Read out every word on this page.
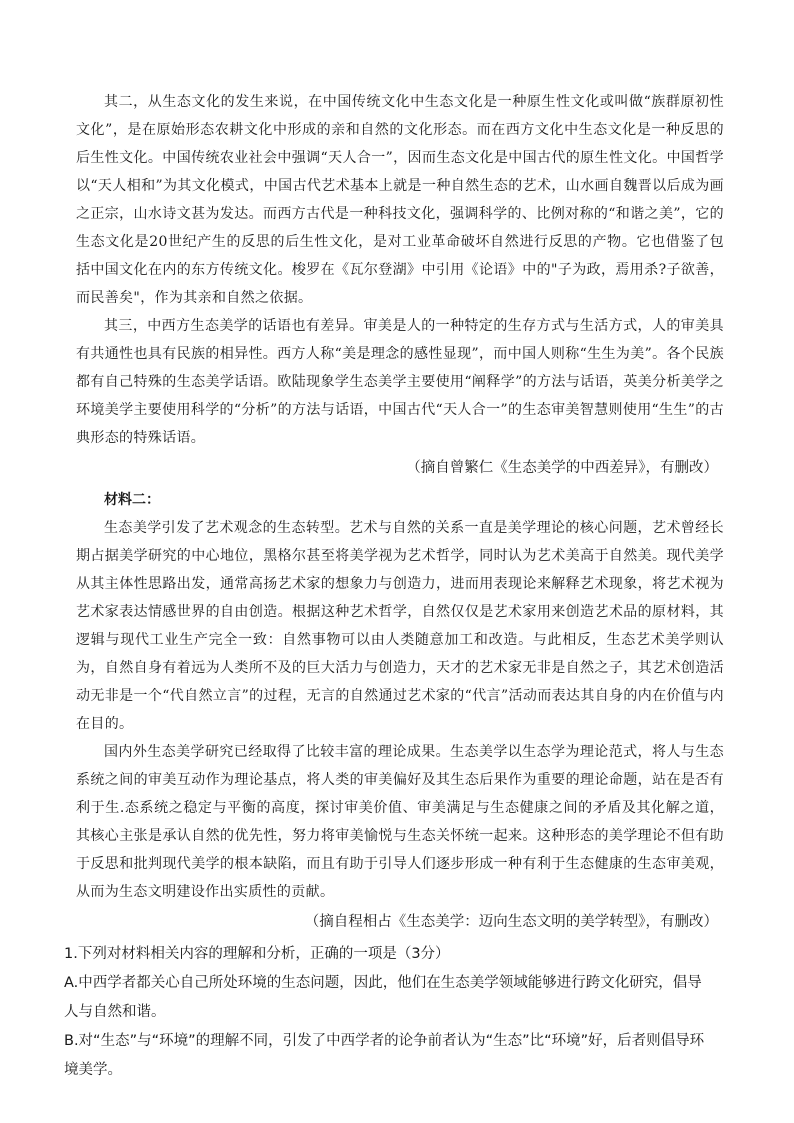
其二，从生态文化的发生来说，在中国传统文化中生态文化是一种原生性文化或叫做“族群原初性文化”，是在原始形态农耕文化中形成的亲和自然的文化形态。而在西方文化中生态文化是一种反思的后生性文化。中国传统农业社会中强调“天人合一”，因而生态文化是中国古代的原生性文化。中国哲学以“天人相和”为其文化模式，中国古代艺术基本上就是一种自然生态的艺术，山水画自魏晋以后成为画之正宗，山水诗文甚为发达。而西方古代是一种科技文化，强调科学的、比例对称的“和谐之美”，它的生态文化是20世纪产生的反思的后生性文化，是对工业革命破坏自然进行反思的产物。它也借鉴了包括中国文化在内的东方传统文化。梭罗在《瓦尔登湖》中引用《论语》中的"子为政，焉用杀?子欲善，而民善矣"，作为其亲和自然之依据。

其三，中西方生态美学的话语也有差异。审美是人的一种特定的生存方式与生活方式，人的审美具有共通性也具有民族的相异性。西方人称“美是理念的感性显现”，而中国人则称“生生为美”。各个民族都有自己特殊的生态美学话语。欧陆现象学生态美学主要使用“阐释学”的方法与话语，英美分析美学之环境美学主要使用科学的“分析”的方法与话语，中国古代“天人合一”的生态审美智慧则使用“生生”的古典形态的特殊话语。

（摘自曾繁仁《生态美学的中西差异》，有删改）

材料二：

生态美学引发了艺术观念的生态转型。艺术与自然的关系一直是美学理论的核心问题，艺术曾经长期占据美学研究的中心地位，黑格尔甚至将美学视为艺术哲学，同时认为艺术美高于自然美。现代美学从其主体性思路出发，通常高扬艺术家的想象力与创造力，进而用表现论来解释艺术现象，将艺术视为艺术家表达情感世界的自由创造。根据这种艺术哲学，自然仅仅是艺术家用来创造艺术品的原材料，其逻辑与现代工业生产完全一致：自然事物可以由人类随意加工和改造。与此相反，生态艺术美学则认为，自然自身有着远为人类所不及的巨大活力与创造力，天才的艺术家无非是自然之子，其艺术创造活动无非是一个“代自然立言”的过程，无言的自然通过艺术家的“代言”活动而表达其自身的内在价值与内在目的。

国内外生态美学研究已经取得了比较丰富的理论成果。生态美学以生态学为理论范式，将人与生态系统之间的审美互动作为理论基点，将人类的审美偏好及其生态后果作为重要的理论命题，站在是否有利于生.态系统之稳定与平衡的高度，探讨审美价值、审美满足与生态健康之间的矛盾及其化解之道，其核心主张是承认自然的优先性，努力将审美愉悦与生态关怀统一起来。这种形态的美学理论不但有助于反思和批判现代美学的根本缺陷，而且有助于引导人们逐步形成一种有利于生态健康的生态审美观，从而为生态文明建设作出实质性的贡献。

（摘自程相占《生态美学：迈向生态文明的美学转型》，有删改）

1.下列对材料相关内容的理解和分析，正确的一项是（3分）
A.中西学者都关心自己所处环境的生态问题，因此，他们在生态美学领域能够进行跨文化研究，倡导人与自然和谐。
B.对“生态”与“环境”的理解不同，引发了中西学者的论争前者认为“生态”比“环境”好，后者则倡导环境美学。
